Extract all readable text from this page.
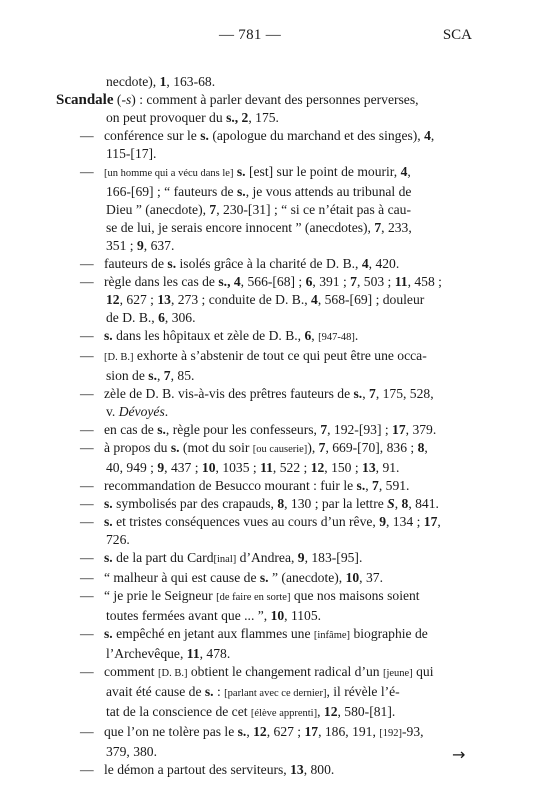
— 781 —	SCA
necdote), 1, 163-68.
Scandale (-s) : comment à parler devant des personnes perverses,
on peut provoquer du s., 2, 175.
— conférence sur le s. (apologue du marchand et des singes), 4,
115-[17].
— [un homme qui a vécu dans le] s. [est] sur le point de mourir, 4,
166-[69] ; “ fauteurs de s., je vous attends au tribunal de
Dieu ” (anecdote), 7, 230-[31] ; “ si ce n’était pas à cau-
se de lui, je serais encore innocent ” (anecdotes), 7, 233,
351 ; 9, 637.
— fauteurs de s. isolés grâce à la charité de D. B., 4, 420.
— règle dans les cas de s., 4, 566-[68] ; 6, 391 ; 7, 503 ; 11, 458 ;
12, 627 ; 13, 273 ; conduite de D. B., 4, 568-[69] ; douleur
de D. B., 6, 306.
— s. dans les hôpitaux et zèle de D. B., 6, [947-48].
— [D. B.] exhorte à s’abstenir de tout ce qui peut être une occa-
sion de s., 7, 85.
— zèle de D. B. vis-à-vis des prêtres fauteurs de s., 7, 175, 528,
v. Dévoyés.
— en cas de s., règle pour les confesseurs, 7, 192-[93] ; 17, 379.
— à propos du s. (mot du soir [ou causerie]), 7, 669-[70], 836 ; 8,
40, 949 ; 9, 437 ; 10, 1035 ; 11, 522 ; 12, 150 ; 13, 91.
— recommandation de Besucco mourant : fuir le s., 7, 591.
— s. symbolisés par des crapauds, 8, 130 ; par la lettre S, 8, 841.
— s. et tristes conséquences vues au cours d’un rêve, 9, 134 ; 17,
726.
— s. de la part du Card[inal] d’Andrea, 9, 183-[95].
— “ malheur à qui est cause de s. ” (anecdote), 10, 37.
— “ je prie le Seigneur [de faire en sorte] que nos maisons soient
toutes fermées avant que ... ”, 10, 1105.
— s. empêché en jetant aux flammes une [infâme] biographie de
l’Archevêque, 11, 478.
— comment [D. B.] obtient le changement radical d’un [jeune] qui
avait été cause de s. : [parlant avec ce dernier], il révèle l’é-
tat de la conscience de cet [élève apprenti], 12, 580-[81].
— que l’on ne tolère pas le s., 12, 627 ; 17, 186, 191, [192]-93,
379, 380.
— le démon a partout des serviteurs, 13, 800.
→
